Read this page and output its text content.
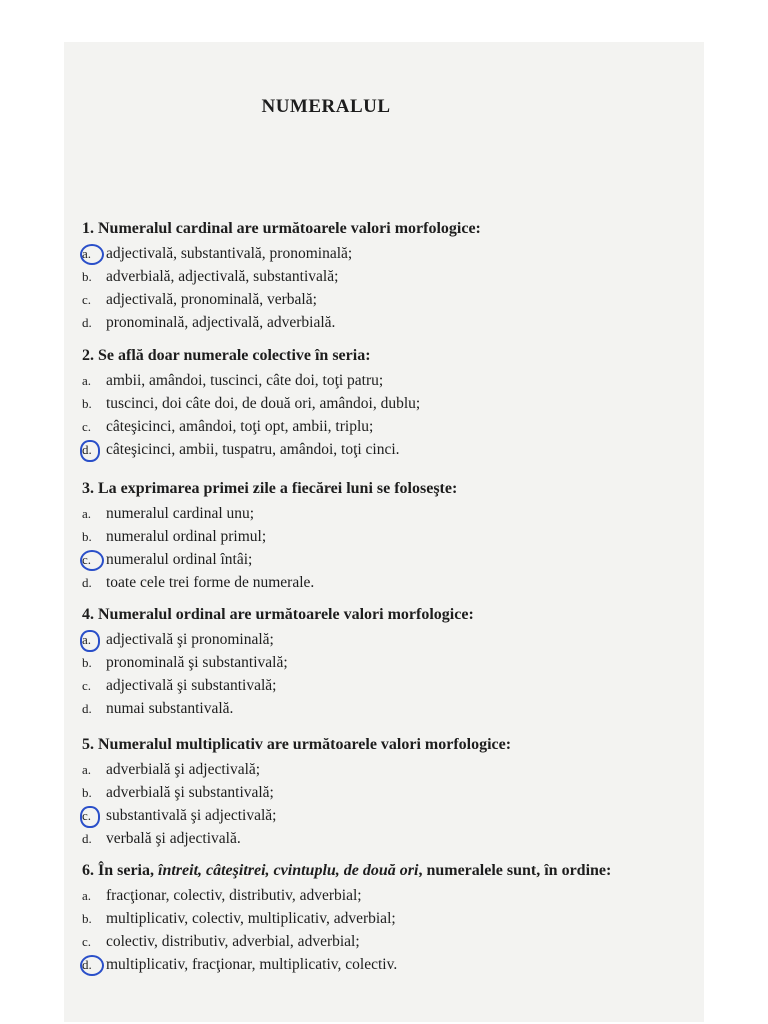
NUMERALUL
1. Numeralul cardinal are următoarele valori morfologice:
a. adjectivală, substantivală, pronominală;
b. adverbială, adjectivală, substantivală;
c. adjectivală, pronominală, verbală;
d. pronominală, adjectivală, adverbială.
2. Se află doar numerale colective în seria:
a. ambii, amândoi, tuscinci, câte doi, toţi patru;
b. tuscinci, doi câte doi, de două ori, amândoi, dublu;
c. câteşicinci, amândoi, toţi opt, ambii, triplu;
d. câteşicinci, ambii, tuspatru, amândoi, toţi cinci.
3. La exprimarea primei zile a fiecărei luni se foloseşte:
a. numeralul cardinal unu;
b. numeralul ordinal primul;
c. numeralul ordinal întâi;
d. toate cele trei forme de numerale.
4. Numeralul ordinal are următoarele valori morfologice:
a. adjectivală şi pronominală;
b. pronominală şi substantivală;
c. adjectivală şi substantivală;
d. numai substantivală.
5. Numeralul multiplicativ are următoarele valori morfologice:
a. adverbială şi adjectivală;
b. adverbială şi substantivală;
c. substantivală şi adjectivală;
d. verbală şi adjectivală.
6. În seria, întreit, câteşitrei, cvintuplu, de două ori, numeralele sunt, în ordine:
a. fracţionar, colectiv, distributiv, adverbial;
b. multiplicativ, colectiv, multiplicativ, adverbial;
c. colectiv, distributiv, adverbial, adverbial;
d. multiplicativ, fracţionar, multiplicativ, colectiv.
